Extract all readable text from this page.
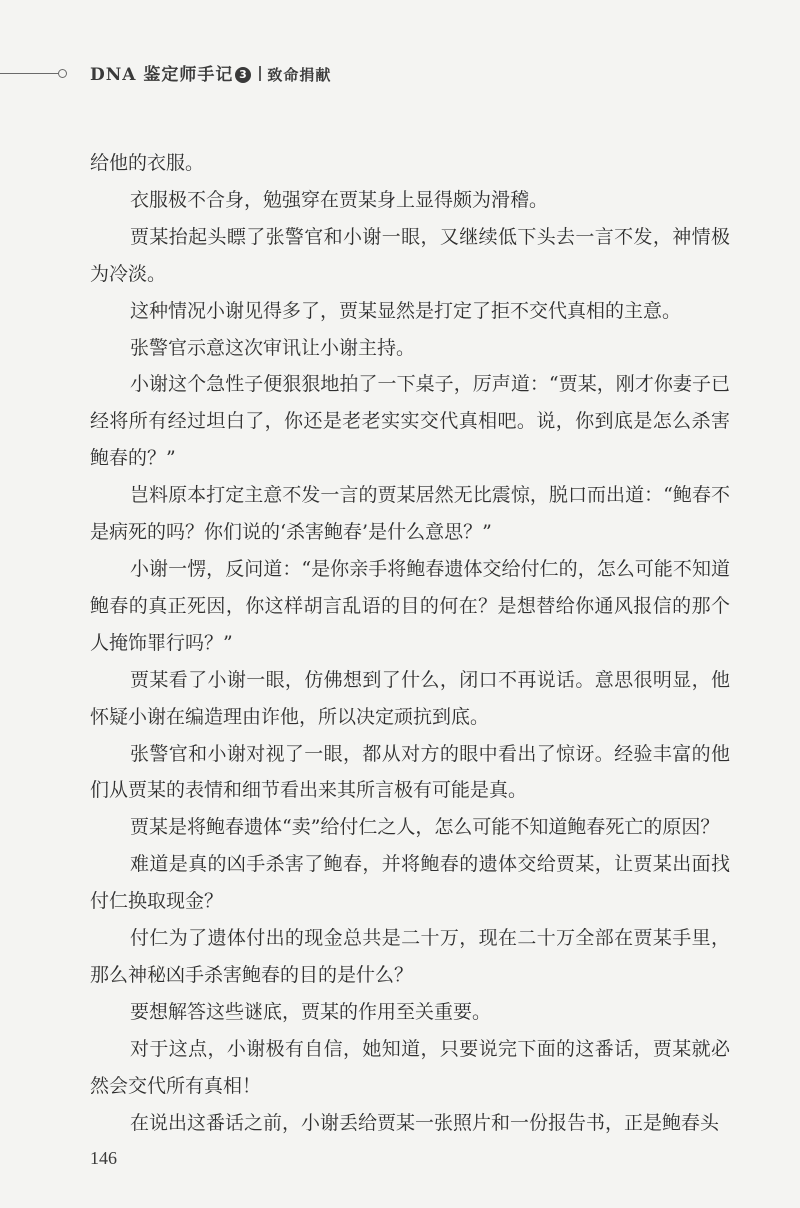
DNA 鉴定师手记 3 致命捐献

给他的衣服。

衣服极不合身，勉强穿在贾某身上显得颇为滑稽。

贾某抬起头瞟了张警官和小谢一眼，又继续低下头去一言不发，神情极为冷淡。

这种情况小谢见得多了，贾某显然是打定了拒不交代真相的主意。

张警官示意这次审讯让小谢主持。

小谢这个急性子便狠狠地拍了一下桌子，厉声道：“贾某，刚才你妻子已经将所有经过坦白了，你还是老老实实交代真相吧。说，你到底是怎么杀害鲍春的？”

岂料原本打定主意不发一言的贾某居然无比震惊，脱口而出道：“鲍春不是病死的吗？你们说的‘杀害鲍春’是什么意思？”

小谢一愣，反问道：“是你亲手将鲍春遗体交给付仁的，怎么可能不知道鲍春的真正死因，你这样胡言乱语的目的何在？是想替给你通风报信的那个人掩饰罪行吗？”

贾某看了小谢一眼，仿佛想到了什么，闭口不再说话。意思很明显，他怀疑小谢在编造理由诈他，所以决定顽抗到底。

张警官和小谢对视了一眼，都从对方的眼中看出了惊讶。经验丰富的他们从贾某的表情和细节看出来其所言极有可能是真。

贾某是将鲍春遗体“卖”给付仁之人，怎么可能不知道鲍春死亡的原因？

难道是真的凶手杀害了鲍春，并将鲍春的遗体交给贾某，让贾某出面找付仁换取现金？

付仁为了遗体付出的现金总共是二十万，现在二十万全部在贾某手里，那么神秘凶手杀害鲍春的目的是什么？

要想解答这些谜底，贾某的作用至关重要。

对于这点，小谢极有自信，她知道，只要说完下面的这番话，贾某就必然会交代所有真相！

在说出这番话之前，小谢丢给贾某一张照片和一份报告书，正是鲍春头

146
